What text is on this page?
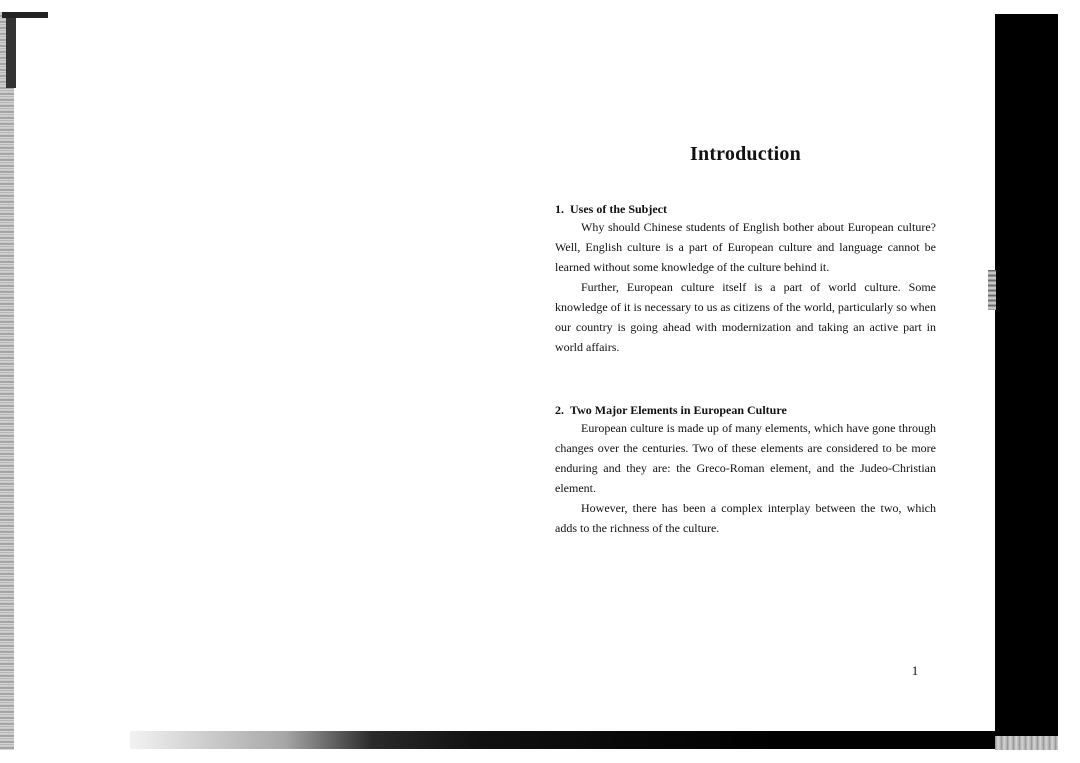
Introduction

1. Uses of the Subject

Why should Chinese students of English bother about European culture? Well, English culture is a part of European culture and language cannot be learned without some knowledge of the culture behind it.

Further, European culture itself is a part of world culture. Some knowledge of it is necessary to us as citizens of the world, particularly so when our country is going ahead with modernization and taking an active part in world affairs.

2. Two Major Elements in European Culture

European culture is made up of many elements, which have gone through changes over the centuries. Two of these elements are considered to be more enduring and they are: the Greco-Roman element, and the Judeo-Christian element.

However, there has been a complex interplay between the two, which adds to the richness of the culture.

1
